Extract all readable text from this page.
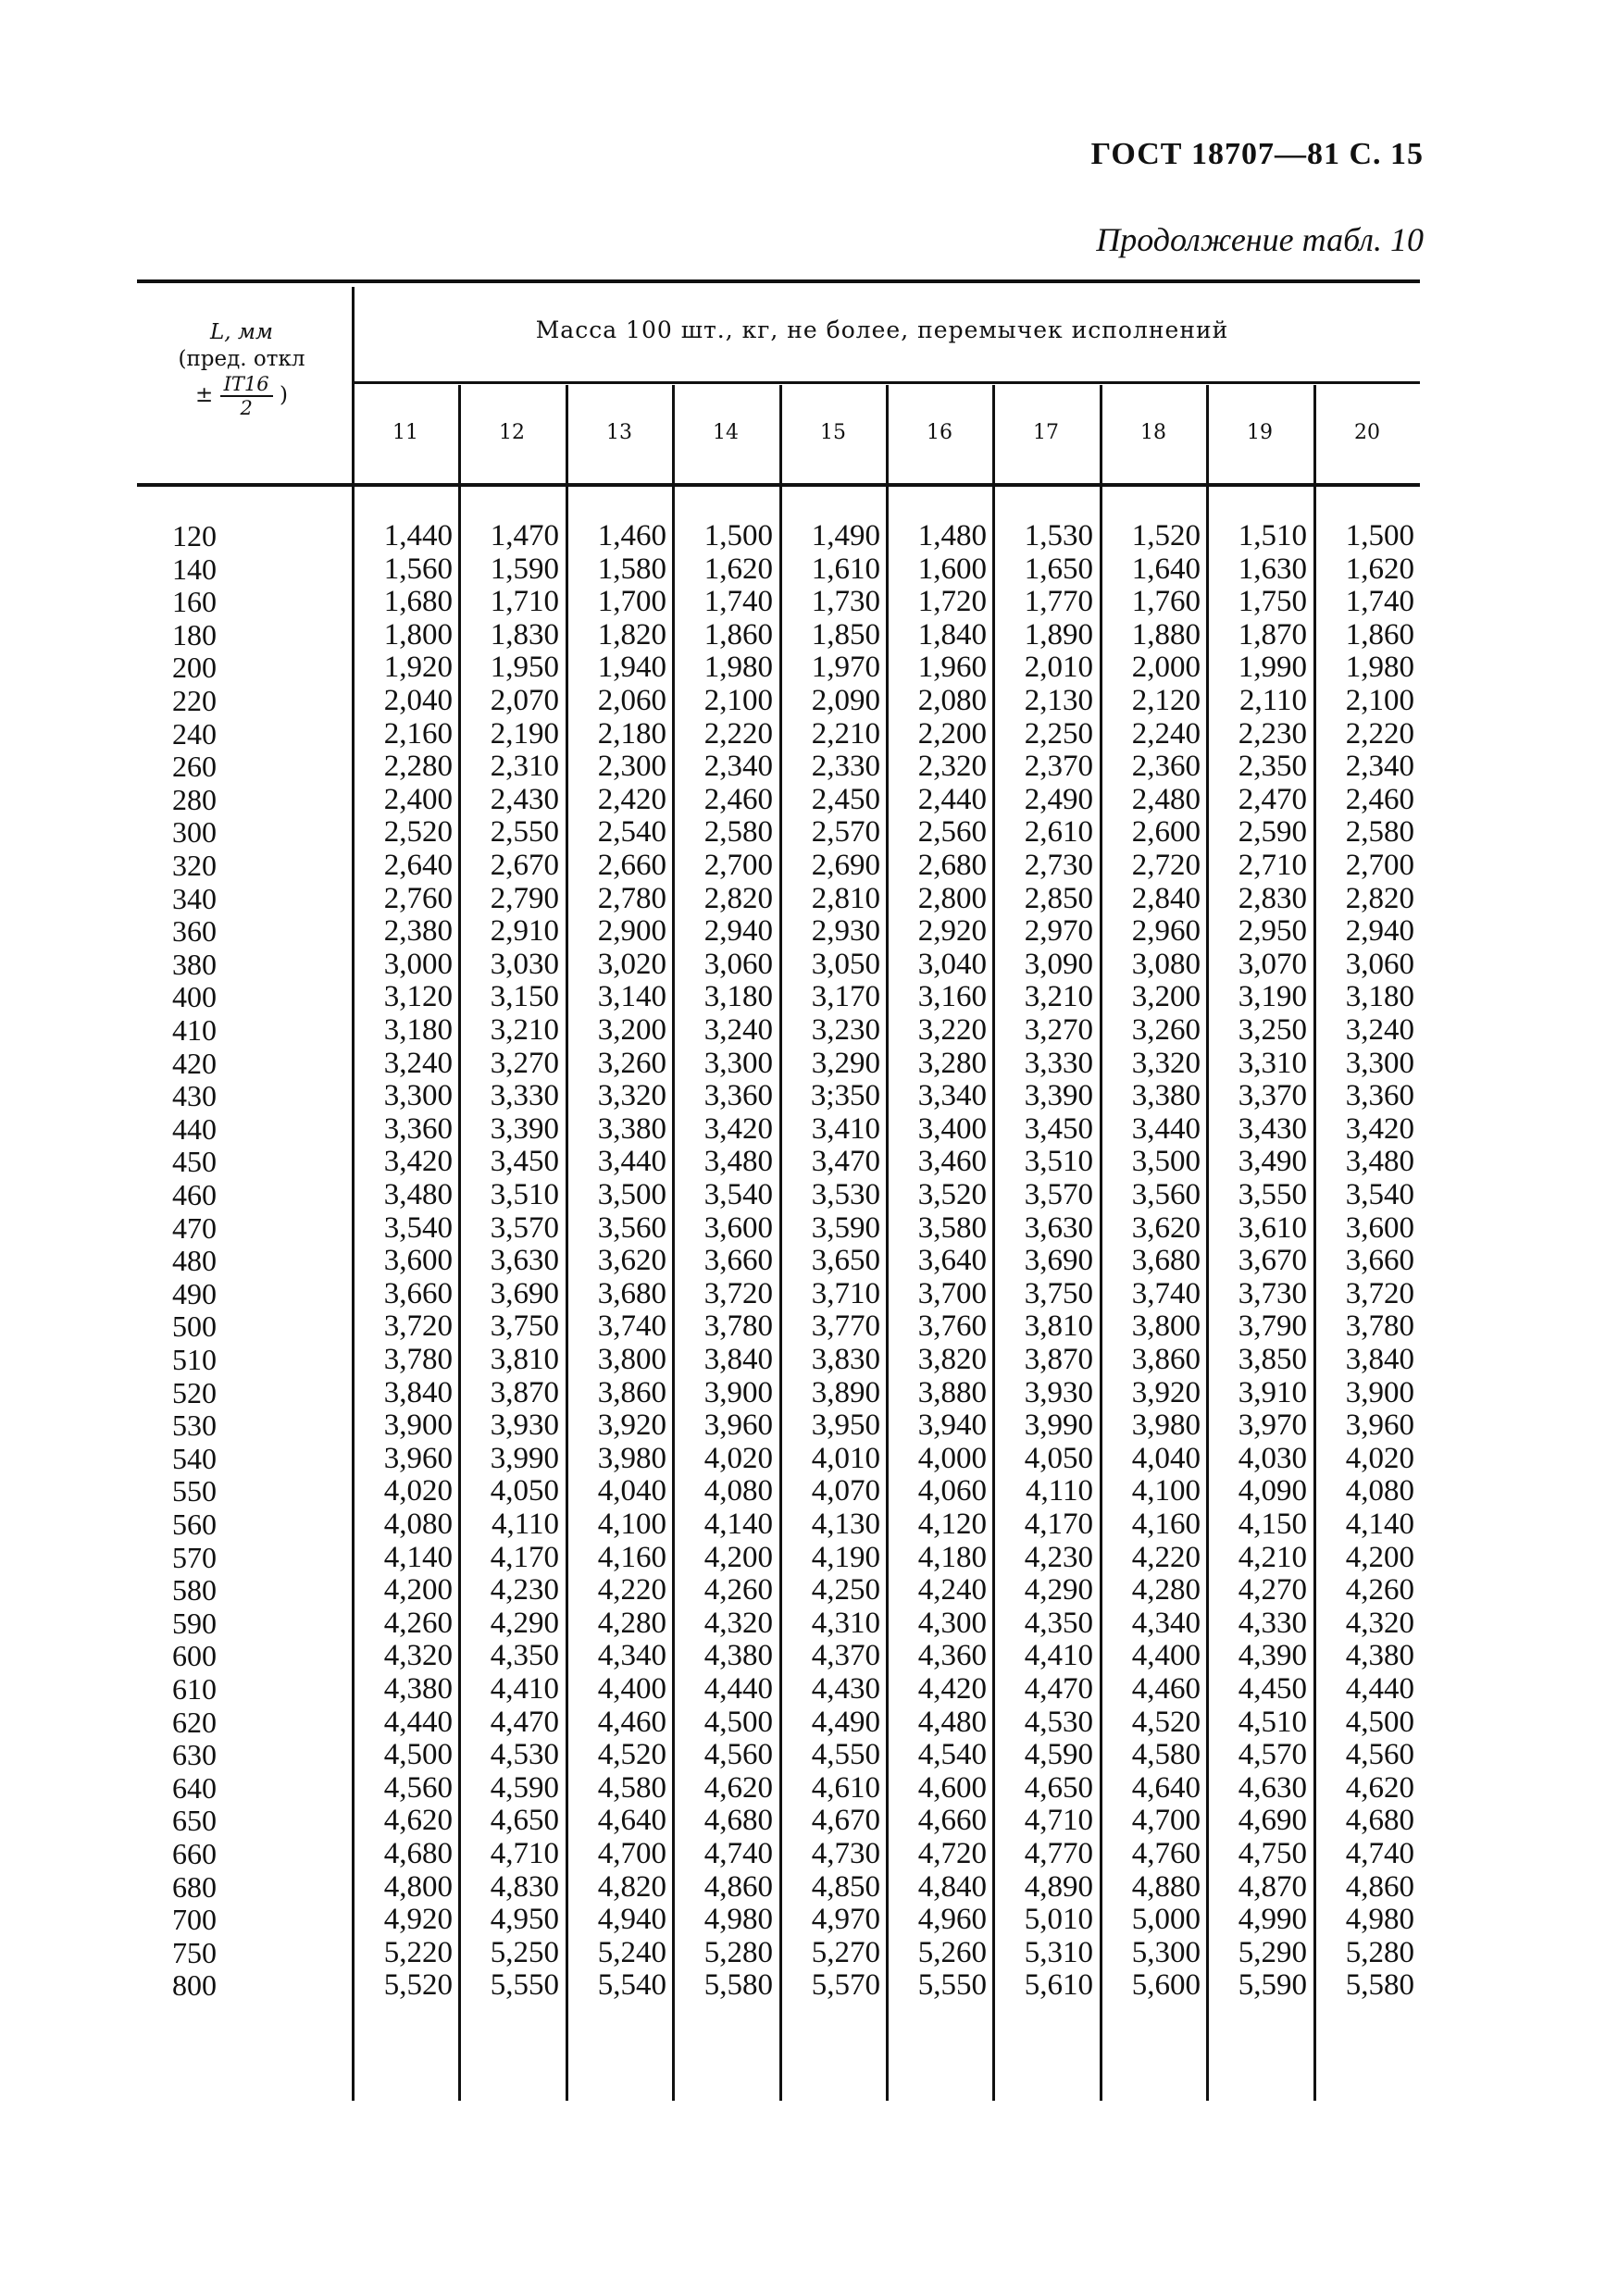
ГОСТ 18707—81 С. 15
Продолжение табл. 10
L, мм
(пред. откл
± $\frac{IT16}{2}$ )
Масса 100 шт., кг, не более, перемычек исполнений
11	12	13	14	15	16	17	18	19	20
120	1,440	1,470	1,460	1,500	1,490	1,480	1,530	1,520	1,510	1,500
140	1,560	1,590	1,580	1,620	1,610	1,600	1,650	1,640	1,630	1,620
160	1,680	1,710	1,700	1,740	1,730	1,720	1,770	1,760	1,750	1,740
180	1,800	1,830	1,820	1,860	1,850	1,840	1,890	1,880	1,870	1,860
200	1,920	1,950	1,940	1,980	1,970	1,960	2,010	2,000	1,990	1,980
220	2,040	2,070	2,060	2,100	2,090	2,080	2,130	2,120	2,110	2,100
240	2,160	2,190	2,180	2,220	2,210	2,200	2,250	2,240	2,230	2,220
260	2,280	2,310	2,300	2,340	2,330	2,320	2,370	2,360	2,350	2,340
280	2,400	2,430	2,420	2,460	2,450	2,440	2,490	2,480	2,470	2,460
300	2,520	2,550	2,540	2,580	2,570	2,560	2,610	2,600	2,590	2,580
320	2,640	2,670	2,660	2,700	2,690	2,680	2,730	2,720	2,710	2,700
340	2,760	2,790	2,780	2,820	2,810	2,800	2,850	2,840	2,830	2,820
360	2,380	2,910	2,900	2,940	2,930	2,920	2,970	2,960	2,950	2,940
380	3,000	3,030	3,020	3,060	3,050	3,040	3,090	3,080	3,070	3,060
400	3,120	3,150	3,140	3,180	3,170	3,160	3,210	3,200	3,190	3,180
410	3,180	3,210	3,200	3,240	3,230	3,220	3,270	3,260	3,250	3,240
420	3,240	3,270	3,260	3,300	3,290	3,280	3,330	3,320	3,310	3,300
430	3,300	3,330	3,320	3,360	3;350	3,340	3,390	3,380	3,370	3,360
440	3,360	3,390	3,380	3,420	3,410	3,400	3,450	3,440	3,430	3,420
450	3,420	3,450	3,440	3,480	3,470	3,460	3,510	3,500	3,490	3,480
460	3,480	3,510	3,500	3,540	3,530	3,520	3,570	3,560	3,550	3,540
470	3,540	3,570	3,560	3,600	3,590	3,580	3,630	3,620	3,610	3,600
480	3,600	3,630	3,620	3,660	3,650	3,640	3,690	3,680	3,670	3,660
490	3,660	3,690	3,680	3,720	3,710	3,700	3,750	3,740	3,730	3,720
500	3,720	3,750	3,740	3,780	3,770	3,760	3,810	3,800	3,790	3,780
510	3,780	3,810	3,800	3,840	3,830	3,820	3,870	3,860	3,850	3,840
520	3,840	3,870	3,860	3,900	3,890	3,880	3,930	3,920	3,910	3,900
530	3,900	3,930	3,920	3,960	3,950	3,940	3,990	3,980	3,970	3,960
540	3,960	3,990	3,980	4,020	4,010	4,000	4,050	4,040	4,030	4,020
550	4,020	4,050	4,040	4,080	4,070	4,060	4,110	4,100	4,090	4,080
560	4,080	4,110	4,100	4,140	4,130	4,120	4,170	4,160	4,150	4,140
570	4,140	4,170	4,160	4,200	4,190	4,180	4,230	4,220	4,210	4,200
580	4,200	4,230	4,220	4,260	4,250	4,240	4,290	4,280	4,270	4,260
590	4,260	4,290	4,280	4,320	4,310	4,300	4,350	4,340	4,330	4,320
600	4,320	4,350	4,340	4,380	4,370	4,360	4,410	4,400	4,390	4,380
610	4,380	4,410	4,400	4,440	4,430	4,420	4,470	4,460	4,450	4,440
620	4,440	4,470	4,460	4,500	4,490	4,480	4,530	4,520	4,510	4,500
630	4,500	4,530	4,520	4,560	4,550	4,540	4,590	4,580	4,570	4,560
640	4,560	4,590	4,580	4,620	4,610	4,600	4,650	4,640	4,630	4,620
650	4,620	4,650	4,640	4,680	4,670	4,660	4,710	4,700	4,690	4,680
660	4,680	4,710	4,700	4,740	4,730	4,720	4,770	4,760	4,750	4,740
680	4,800	4,830	4,820	4,860	4,850	4,840	4,890	4,880	4,870	4,860
700	4,920	4,950	4,940	4,980	4,970	4,960	5,010	5,000	4,990	4,980
750	5,220	5,250	5,240	5,280	5,270	5,260	5,310	5,300	5,290	5,280
800	5,520	5,550	5,540	5,580	5,570	5,550	5,610	5,600	5,590	5,580
